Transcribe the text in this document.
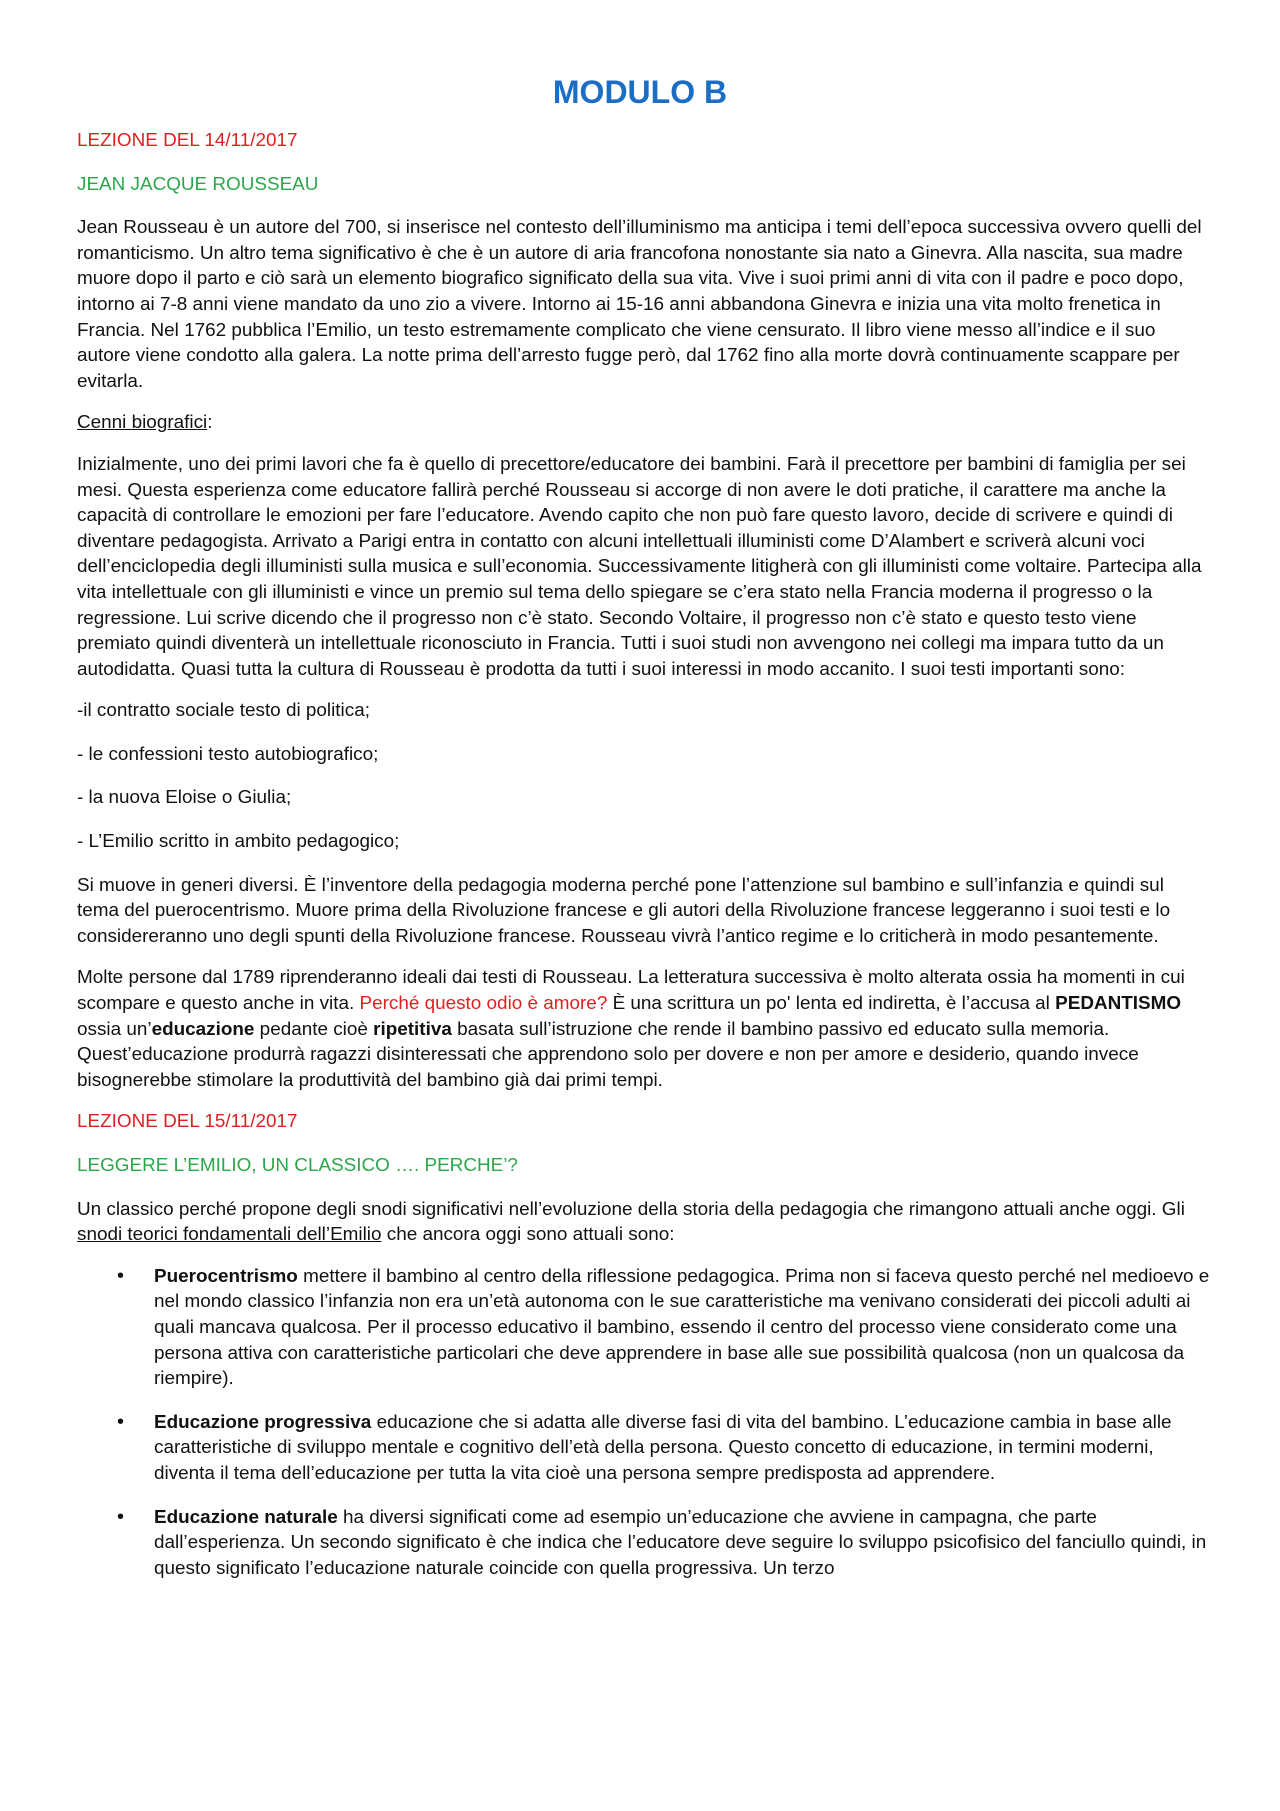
MODULO B

LEZIONE DEL 14/11/2017

JEAN JACQUE ROUSSEAU

Jean Rousseau è un autore del 700, si inserisce nel contesto dell’illuminismo ma anticipa i temi dell’epoca successiva ovvero quelli del romanticismo. Un altro tema significativo è che è un autore di aria francofona nonostante sia nato a Ginevra. Alla nascita, sua madre muore dopo il parto e ciò sarà un elemento biografico significato della sua vita. Vive i suoi primi anni di vita con il padre e poco dopo, intorno ai 7-8 anni viene mandato da uno zio a vivere. Intorno ai 15-16 anni abbandona Ginevra e inizia una vita molto frenetica in Francia. Nel 1762 pubblica l’Emilio, un testo estremamente complicato che viene censurato. Il libro viene messo all’indice e il suo autore viene condotto alla galera. La notte prima dell’arresto fugge però, dal 1762 fino alla morte dovrà continuamente scappare per evitarla.

Cenni biografici:

Inizialmente, uno dei primi lavori che fa è quello di precettore/educatore dei bambini. Farà il precettore per bambini di famiglia per sei mesi. Questa esperienza come educatore fallirà perché Rousseau si accorge di non avere le doti pratiche, il carattere ma anche la capacità di controllare le emozioni per fare l’educatore. Avendo capito che non può fare questo lavoro, decide di scrivere e quindi di diventare pedagogista. Arrivato a Parigi entra in contatto con alcuni intellettuali illuministi come D’Alambert e scriverà alcuni voci dell’enciclopedia degli illuministi sulla musica e sull’economia. Successivamente litigherà con gli illuministi come voltaire. Partecipa alla vita intellettuale con gli illuministi e vince un premio sul tema dello spiegare se c’era stato nella Francia moderna il progresso o la regressione. Lui scrive dicendo che il progresso non c’è stato. Secondo Voltaire, il progresso non c’è stato e questo testo viene premiato quindi diventerà un intellettuale riconosciuto in Francia. Tutti i suoi studi non avvengono nei collegi ma impara tutto da un autodidatta. Quasi tutta la cultura di Rousseau è prodotta da tutti i suoi interessi in modo accanito. I suoi testi importanti sono:

-il contratto sociale testo di politica;

- le confessioni testo autobiografico;

- la nuova Eloise o Giulia;

- L’Emilio scritto in ambito pedagogico;

Si muove in generi diversi. È l’inventore della pedagogia moderna perché pone l’attenzione sul bambino e sull’infanzia e quindi sul tema del puerocentrismo. Muore prima della Rivoluzione francese e gli autori della Rivoluzione francese leggeranno i suoi testi e lo considereranno uno degli spunti della Rivoluzione francese. Rousseau vivrà l’antico regime e lo criticherà in modo pesantemente.

Molte persone dal 1789 riprenderanno ideali dai testi di Rousseau. La letteratura successiva è molto alterata ossia ha momenti in cui scompare e questo anche in vita. Perché questo odio è amore? È una scrittura un po' lenta ed indiretta, è l’accusa al PEDANTISMO ossia un’educazione pedante cioè ripetitiva basata sull’istruzione che rende il bambino passivo ed educato sulla memoria. Quest’educazione produrrà ragazzi disinteressati che apprendono solo per dovere e non per amore e desiderio, quando invece bisognerebbe stimolare la produttività del bambino già dai primi tempi.

LEZIONE DEL 15/11/2017

LEGGERE L’EMILIO, UN CLASSICO …. PERCHE’?

Un classico perché propone degli snodi significativi nell’evoluzione della storia della pedagogia che rimangono attuali anche oggi. Gli snodi teorici fondamentali dell’Emilio che ancora oggi sono attuali sono:

• Puerocentrismo mettere il bambino al centro della riflessione pedagogica. Prima non si faceva questo perché nel medioevo e nel mondo classico l’infanzia non era un’età autonoma con le sue caratteristiche ma venivano considerati dei piccoli adulti ai quali mancava qualcosa. Per il processo educativo il bambino, essendo il centro del processo viene considerato come una persona attiva con caratteristiche particolari che deve apprendere in base alle sue possibilità qualcosa (non un qualcosa da riempire).
• Educazione progressiva educazione che si adatta alle diverse fasi di vita del bambino. L’educazione cambia in base alle caratteristiche di sviluppo mentale e cognitivo dell’età della persona. Questo concetto di educazione, in termini moderni, diventa il tema dell’educazione per tutta la vita cioè una persona sempre predisposta ad apprendere.
• Educazione naturale ha diversi significati come ad esempio un’educazione che avviene in campagna, che parte dall’esperienza. Un secondo significato è che indica che l’educatore deve seguire lo sviluppo psicofisico del fanciullo quindi, in questo significato l’educazione naturale coincide con quella progressiva. Un terzo
